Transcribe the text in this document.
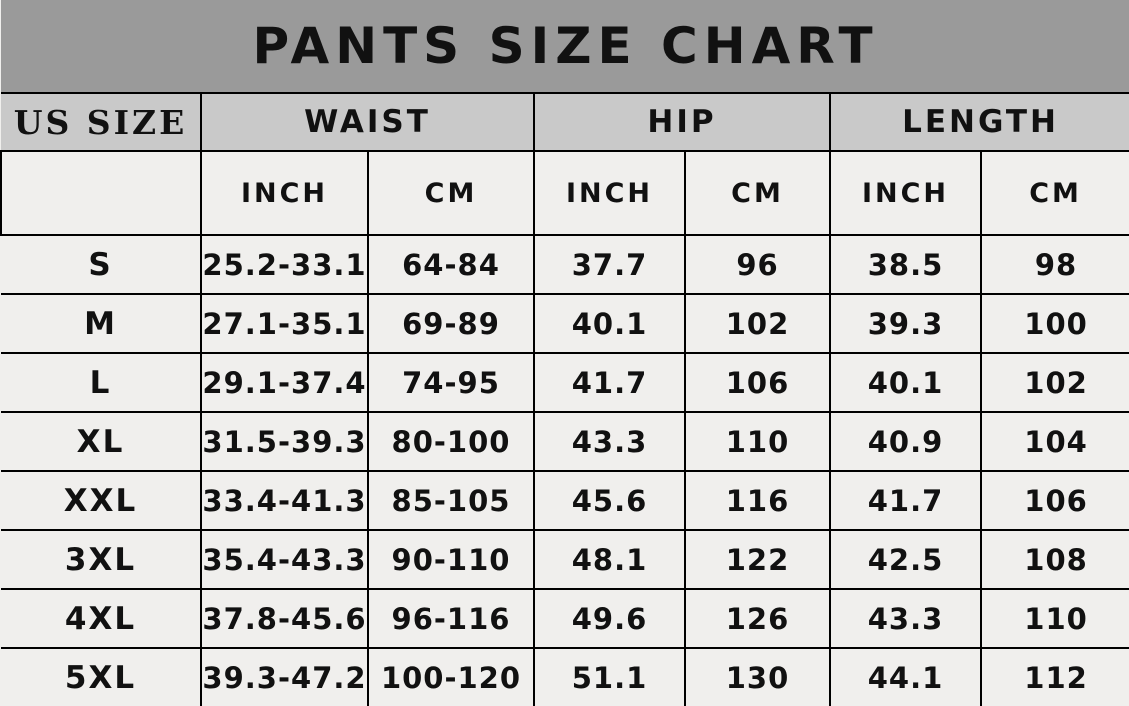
PANTS SIZE CHART						
US SIZE	WAIST		HIP		LENGTH	
	INCH	CM	INCH	CM	INCH	CM
S	25.2-33.1	64-84	37.7	96	38.5	98
M	27.1-35.1	69-89	40.1	102	39.3	100
L	29.1-37.4	74-95	41.7	106	40.1	102
XL	31.5-39.3	80-100	43.3	110	40.9	104
XXL	33.4-41.3	85-105	45.6	116	41.7	106
3XL	35.4-43.3	90-110	48.1	122	42.5	108
4XL	37.8-45.6	96-116	49.6	126	43.3	110
5XL	39.3-47.2	100-120	51.1	130	44.1	112
